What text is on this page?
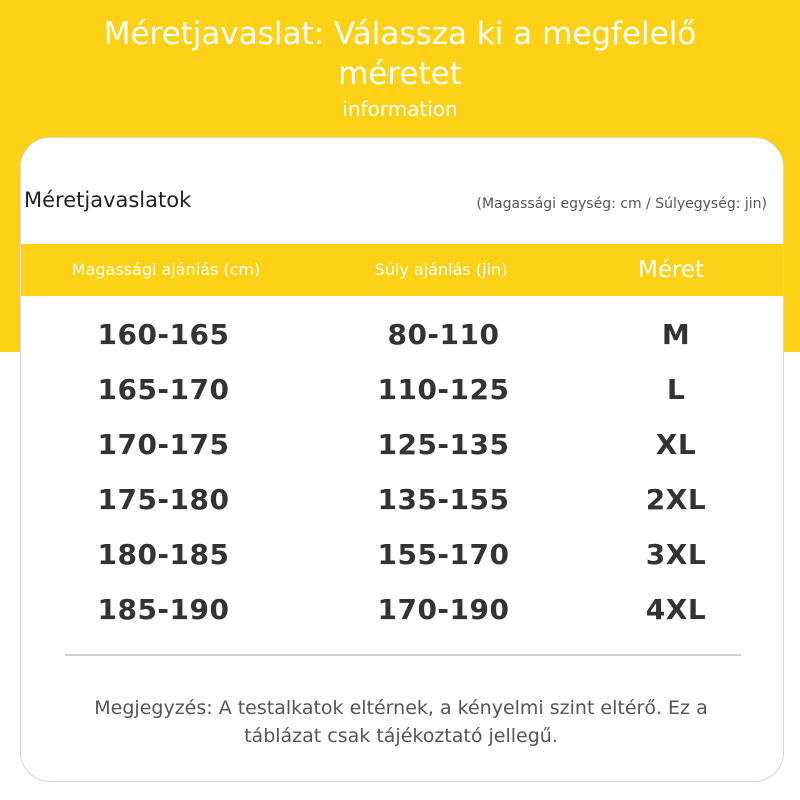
Méretjavaslat: Válassza ki a megfelelő méretet
information
Méretjavaslatok	(Magassági egység: cm / Súlyegység: jin)
Magassági ajánlás (cm)	Súly ajánlás (jin)	Méret
160-165	80-110	M
165-170	110-125	L
170-175	125-135	XL
175-180	135-155	2XL
180-185	155-170	3XL
185-190	170-190	4XL
Megjegyzés: A testalkatok eltérnek, a kényelmi szint eltérő. Ez a táblázat csak tájékoztató jellegű.
